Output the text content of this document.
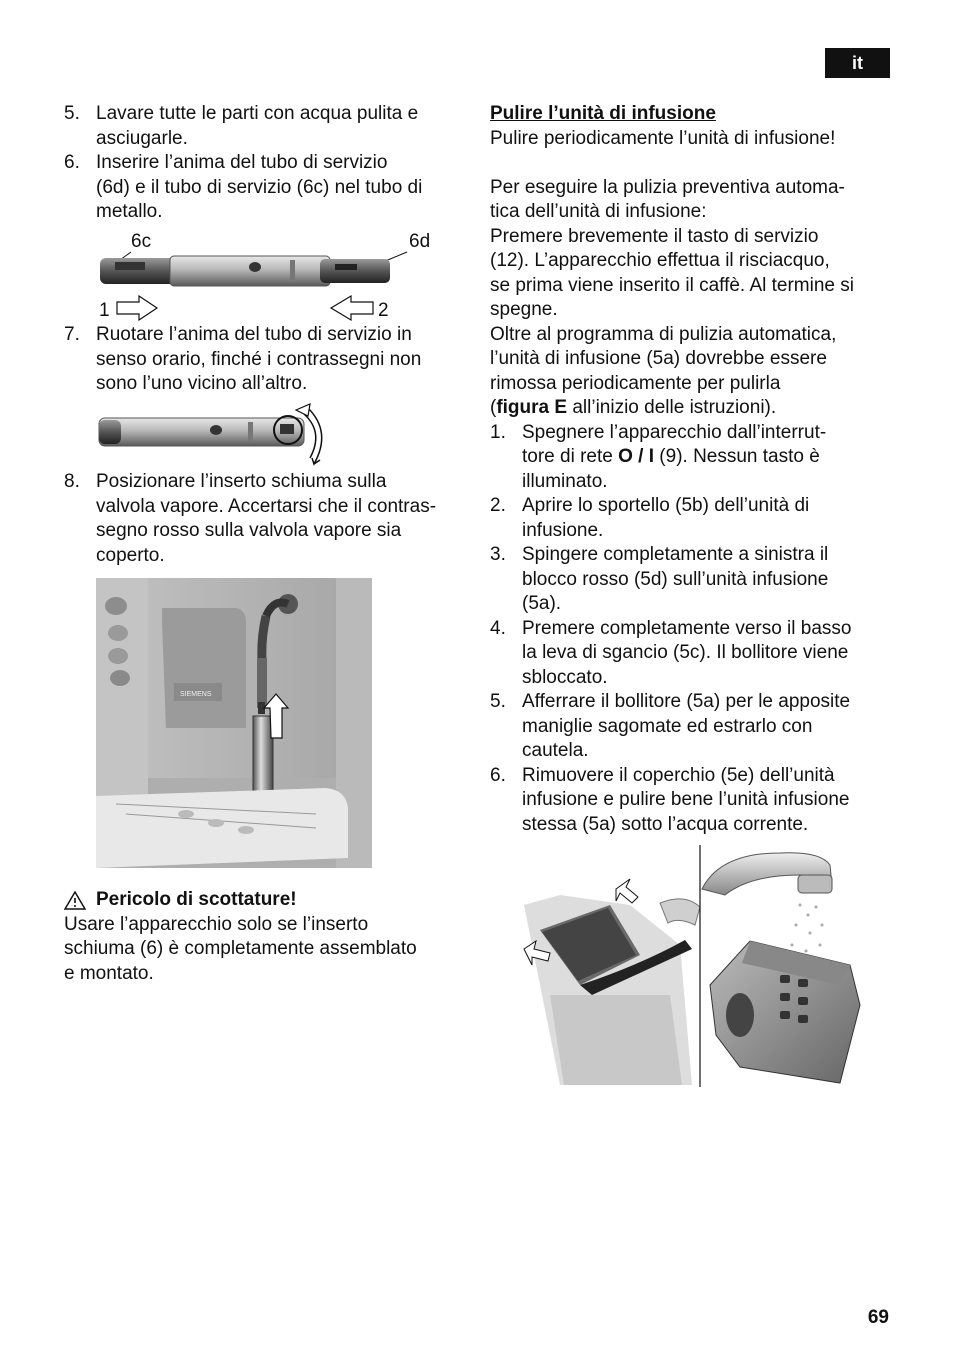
it
5. Lavare tutte le parti con acqua pulita e
asciugarle.
6. Inserire l’anima del tubo di servizio
(6d) e il tubo di servizio (6c) nel tubo di
metallo.
6c	6d
1	2
7. Ruotare l’anima del tubo di servizio in
senso orario, finché i contrassegni non
sono l’uno vicino all’altro.
8. Posizionare l’inserto schiuma sulla
valvola vapore. Accertarsi che il contras-
segno rosso sulla valvola vapore sia
coperto.
SIEMENS
Pericolo di scottature!
Usare l’apparecchio solo se l’inserto
schiuma (6) è completamente assemblato
e montato.
Pulire l’unità di infusione
Pulire periodicamente l’unità di infusione!
Per eseguire la pulizia preventiva automa-
tica dell’unità di infusione:
Premere brevemente il tasto di servizio
(12). L’apparecchio effettua il risciacquo,
se prima viene inserito il caffè. Al termine si
spegne.
Oltre al programma di pulizia automatica,
l’unità di infusione (5a) dovrebbe essere
rimossa periodicamente per pulirla
(figura E all’inizio delle istruzioni).
1. Spegnere l’apparecchio dall’interrut-
tore di rete O / I (9). Nessun tasto è
illuminato.
2. Aprire lo sportello (5b) dell’unità di
infusione.
3. Spingere completamente a sinistra il
blocco rosso (5d) sull’unità infusione
(5a).
4. Premere completamente verso il basso
la leva di sgancio (5c). Il bollitore viene
sbloccato.
5. Afferrare il bollitore (5a) per le apposite
maniglie sagomate ed estrarlo con
cautela.
6. Rimuovere il coperchio (5e) dell’unità
infusione e pulire bene l’unità infusione
stessa (5a) sotto l’acqua corrente.
69
